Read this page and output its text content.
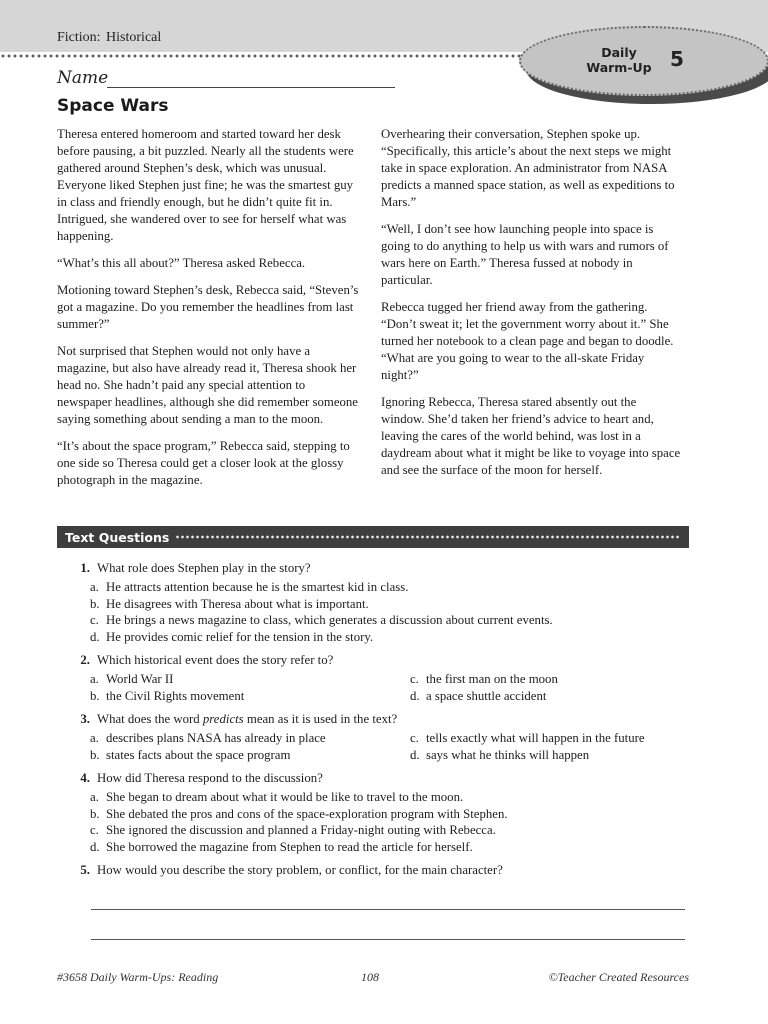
Fiction: Historical
Daily
Warm-Up 5
Name
Space Wars

Theresa entered homeroom and started toward her desk before pausing, a bit puzzled. Nearly all the students were gathered around Stephen’s desk, which was unusual. Everyone liked Stephen just fine; he was the smartest guy in class and friendly enough, but he didn’t quite fit in. Intrigued, she wandered over to see for herself what was happening.

“What’s this all about?” Theresa asked Rebecca.

Motioning toward Stephen’s desk, Rebecca said, “Steven’s got a magazine. Do you remember the headlines from last summer?”

Not surprised that Stephen would not only have a magazine, but also have already read it, Theresa shook her head no. She hadn’t paid any special attention to newspaper headlines, although she did remember someone saying something about sending a man to the moon.

“It’s about the space program,” Rebecca said, stepping to one side so Theresa could get a closer look at the glossy photograph in the magazine.

Overhearing their conversation, Stephen spoke up. “Specifically, this article’s about the next steps we might take in space exploration. An administrator from NASA predicts a manned space station, as well as expeditions to Mars.”

“Well, I don’t see how launching people into space is going to do anything to help us with wars and rumors of wars here on Earth.” Theresa fussed at nobody in particular.

Rebecca tugged her friend away from the gathering. “Don’t sweat it; let the government worry about it.” She turned her notebook to a clean page and began to doodle. “What are you going to wear to the all-skate Friday night?”

Ignoring Rebecca, Theresa stared absently out the window. She’d taken her friend’s advice to heart and, leaving the cares of the world behind, was lost in a daydream about what it might be like to voyage into space and see the surface of the moon for herself.

Text Questions
1. What role does Stephen play in the story?
a. He attracts attention because he is the smartest kid in class.
b. He disagrees with Theresa about what is important.
c. He brings a news magazine to class, which generates a discussion about current events.
d. He provides comic relief for the tension in the story.
2. Which historical event does the story refer to?
a. World War II	c. the first man on the moon
b. the Civil Rights movement	d. a space shuttle accident
3. What does the word predicts mean as it is used in the text?
a. describes plans NASA has already in place	c. tells exactly what will happen in the future
b. states facts about the space program	d. says what he thinks will happen
4. How did Theresa respond to the discussion?
a. She began to dream about what it would be like to travel to the moon.
b. She debated the pros and cons of the space-exploration program with Stephen.
c. She ignored the discussion and planned a Friday-night outing with Rebecca.
d. She borrowed the magazine from Stephen to read the article for herself.
5. How would you describe the story problem, or conflict, for the main character?
#3658 Daily Warm-Ups: Reading	108	©Teacher Created Resources
